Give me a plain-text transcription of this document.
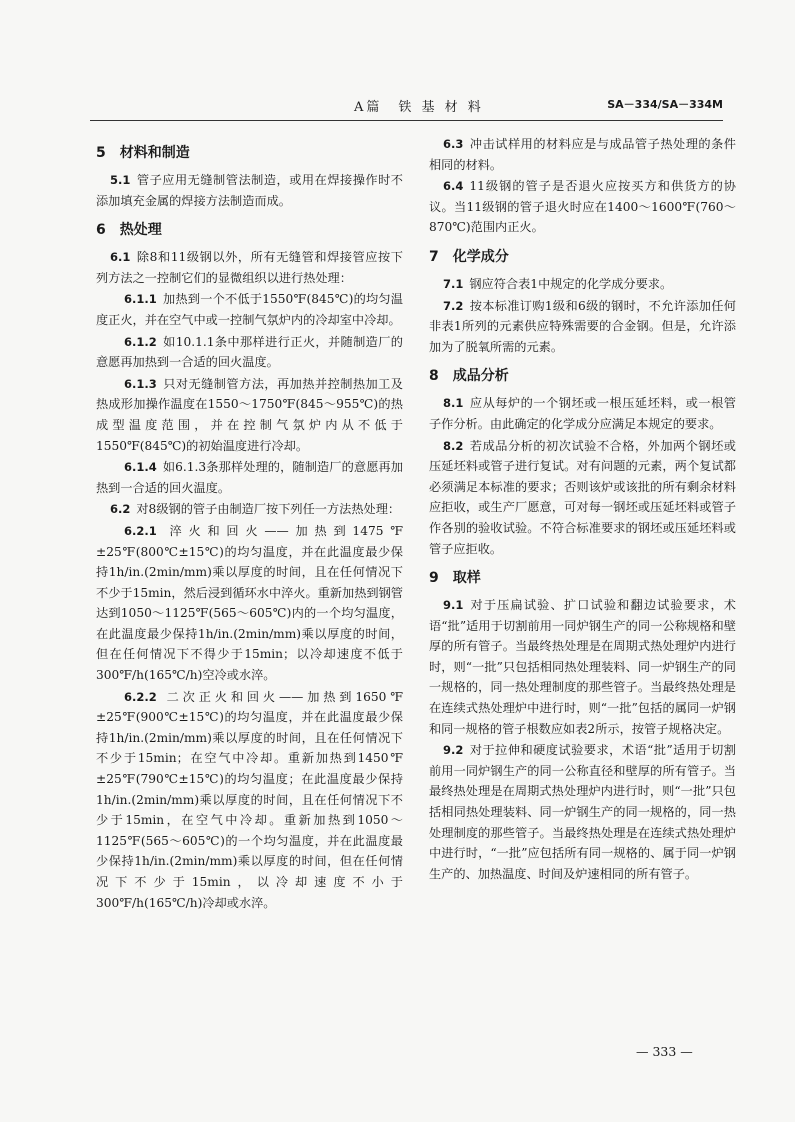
A篇　铁 基 材 料	SA－334/SA－334M
5 材料和制造

5.1 管子应用无缝制管法制造，或用在焊接操作时不添加填充金属的焊接方法制造而成。

6 热处理

6.1 除8和11级钢以外，所有无缝管和焊接管应按下列方法之一控制它们的显微组织以进行热处理：

6.1.1 加热到一个不低于1550℉(845℃)的均匀温度正火，并在空气中或一控制气氛炉内的冷却室中冷却。

6.1.2 如10.1.1条中那样进行正火，并随制造厂的意愿再加热到一合适的回火温度。

6.1.3 只对无缝制管方法，再加热并控制热加工及热成形加操作温度在1550～1750℉(845～955℃)的热成型温度范围，并在控制气氛炉内从不低于1550℉(845℃)的初始温度进行冷却。

6.1.4 如6.1.3条那样处理的，随制造厂的意愿再加热到一合适的回火温度。

6.2 对8级钢的管子由制造厂按下列任一方法热处理：

6.2.1 淬火和回火——加热到1475℉±25℉(800℃±15℃)的均匀温度，并在此温度最少保持1h/in.(2min/mm)乘以厚度的时间，且在任何情况下不少于15min，然后浸到循环水中淬火。重新加热到钢管达到1050～1125℉(565～605℃)内的一个均匀温度，在此温度最少保持1h/in.(2min/mm)乘以厚度的时间，但在任何情况下不得少于15min；以冷却速度不低于300℉/h(165℃/h)空冷或水淬。

6.2.2 二次正火和回火——加热到1650℉±25℉(900℃±15℃)的均匀温度，并在此温度最少保持1h/in.(2min/mm)乘以厚度的时间，且在任何情况下不少于15min；在空气中冷却。重新加热到1450℉±25℉(790℃±15℃)的均匀温度；在此温度最少保持1h/in.(2min/mm)乘以厚度的时间，且在任何情况下不少于15min，在空气中冷却。重新加热到1050～1125℉(565～605℃)的一个均匀温度，并在此温度最少保持1h/in.(2min/mm)乘以厚度的时间，但在任何情况下不少于15min，以冷却速度不小于300℉/h(165℃/h)冷却或水淬。

6.3 冲击试样用的材料应是与成品管子热处理的条件相同的材料。

6.4 11级钢的管子是否退火应按买方和供货方的协议。当11级钢的管子退火时应在1400～1600℉(760～870℃)范围内正火。

7 化学成分

7.1 钢应符合表1中规定的化学成分要求。

7.2 按本标准订购1级和6级的钢时，不允许添加任何非表1所列的元素供应特殊需要的合金钢。但是，允许添加为了脱氧所需的元素。

8 成品分析

8.1 应从每炉的一个钢坯或一根压延坯料，或一根管子作分析。由此确定的化学成分应满足本规定的要求。

8.2 若成品分析的初次试验不合格，外加两个钢坯或压延坯料或管子进行复试。对有问题的元素，两个复试都必须满足本标准的要求；否则该炉或该批的所有剩余材料应拒收，或生产厂愿意，可对每一钢坯或压延坯料或管子作各别的验收试验。不符合标准要求的钢坯或压延坯料或管子应拒收。

9 取样

9.1 对于压扁试验、扩口试验和翻边试验要求，术语“批”适用于切割前用一同炉钢生产的同一公称规格和壁厚的所有管子。当最终热处理是在周期式热处理炉内进行时，则“一批”只包括相同热处理装料、同一炉钢生产的同一规格的，同一热处理制度的那些管子。当最终热处理是在连续式热处理炉中进行时，则“一批”包括的属同一炉钢和同一规格的管子根数应如表2所示，按管子规格决定。

9.2 对于拉伸和硬度试验要求，术语“批”适用于切割前用一同炉钢生产的同一公称直径和壁厚的所有管子。当最终热处理是在周期式热处理炉内进行时，则“一批”只包括相同热处理装料、同一炉钢生产的同一规格的，同一热处理制度的那些管子。当最终热处理是在连续式热处理炉中进行时，“一批”应包括所有同一规格的、属于同一炉钢生产的、加热温度、时间及炉速相同的所有管子。

— 333 —
